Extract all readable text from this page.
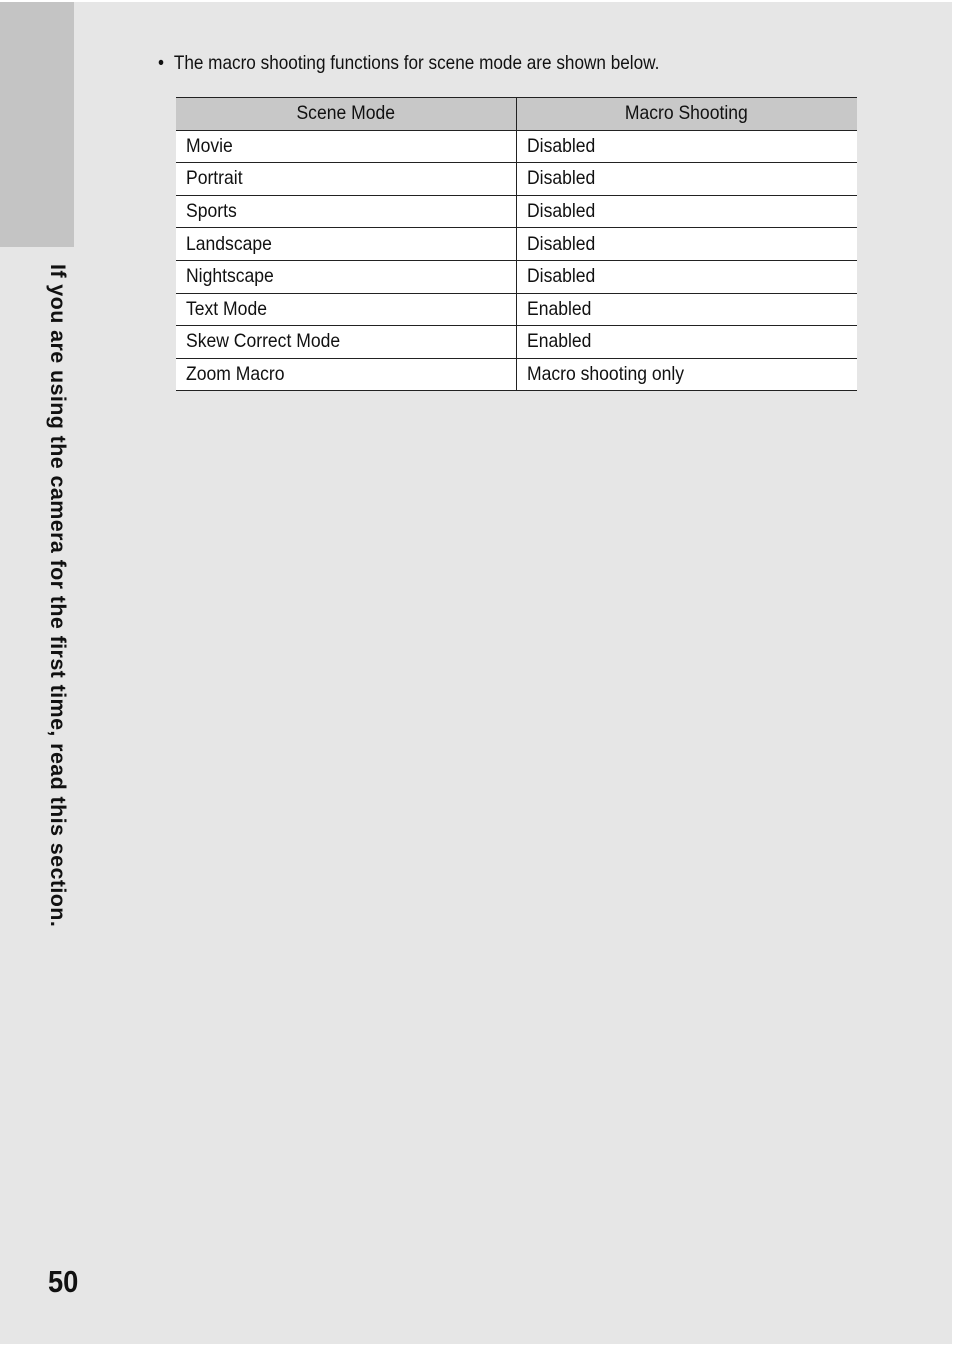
If you are using the camera for the first time, read this section.
• The macro shooting functions for scene mode are shown below.
Scene Mode	Macro Shooting
Movie	Disabled
Portrait	Disabled
Sports	Disabled
Landscape	Disabled
Nightscape	Disabled
Text Mode	Enabled
Skew Correct Mode	Enabled
Zoom Macro	Macro shooting only
50
